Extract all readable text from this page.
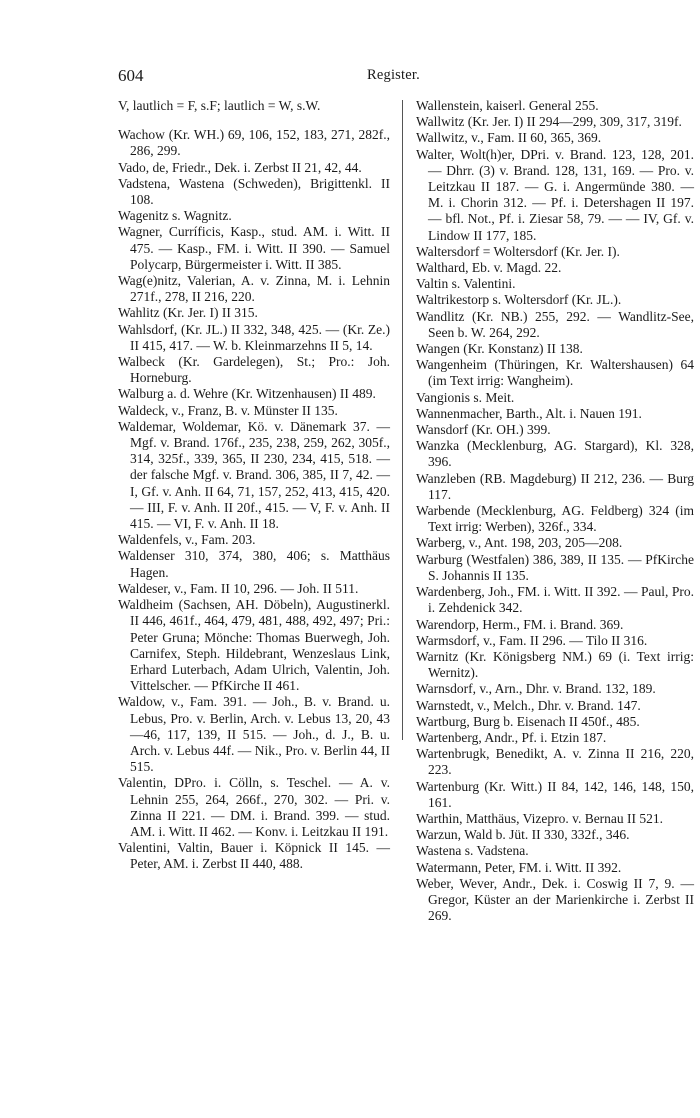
604	Register.

V, lautlich = F, s.F; lautlich = W, s.W.

Wachow (Kr. WH.) 69, 106, 152, 183, 271, 282f., 286, 299.

Vado, de, Friedr., Dek. i. Zerbst II 21, 42, 44.

Vadstena, Wastena (Schweden), Brigittenkl. II 108.

Wagenitz s. Wagnitz.

Wagner, Curríficis, Kasp., stud. AM. i. Witt. II 475. — Kasp., FM. i. Witt. II 390. — Samuel Polycarp, Bürgermeister i. Witt. II 385.

Wag(e)nitz, Valerian, A. v. Zinna, M. i. Lehnin 271f., 278, II 216, 220.

Wahlitz (Kr. Jer. I) II 315.

Wahlsdorf, (Kr. JL.) II 332, 348, 425. — (Kr. Ze.) II 415, 417. — W. b. Kleinmarzehns II 5, 14.

Walbeck (Kr. Gardelegen), St.; Pro.: Joh. Horneburg.

Walburg a. d. Wehre (Kr. Witzenhausen) II 489.

Waldeck, v., Franz, B. v. Münster II 135.

Waldemar, Woldemar, Kö. v. Dänemark 37. — Mgf. v. Brand. 176f., 235, 238, 259, 262, 305f., 314, 325f., 339, 365, II 230, 234, 415, 518. — der falsche Mgf. v. Brand. 306, 385, II 7, 42. — I, Gf. v. Anh. II 64, 71, 157, 252, 413, 415, 420. — III, F. v. Anh. II 20f., 415. — V, F. v. Anh. II 415. — VI, F. v. Anh. II 18.

Waldenfels, v., Fam. 203.

Waldenser 310, 374, 380, 406; s. Matthäus Hagen.

Waldeser, v., Fam. II 10, 296. — Joh. II 511.

Waldheim (Sachsen, AH. Döbeln), Augustinerkl. II 446, 461f., 464, 479, 481, 488, 492, 497; Pri.: Peter Gruna; Mönche: Thomas Buerwegh, Joh. Carnifex, Steph. Hildebrant, Wenzeslaus Link, Erhard Luterbach, Adam Ulrich, Valentin, Joh. Vittelscher. — PfKirche II 461.

Waldow, v., Fam. 391. — Joh., B. v. Brand. u. Lebus, Pro. v. Berlin, Arch. v. Lebus 13, 20, 43—46, 117, 139, II 515. — Joh., d. J., B. u. Arch. v. Lebus 44f. — Nik., Pro. v. Berlin 44, II 515.

Valentin, DPro. i. Cölln, s. Teschel. — A. v. Lehnin 255, 264, 266f., 270, 302. — Pri. v. Zinna II 221. — DM. i. Brand. 399. — stud. AM. i. Witt. II 462. — Konv. i. Leitzkau II 191.

Valentini, Valtin, Bauer i. Köpnick II 145. — Peter, AM. i. Zerbst II 440, 488.

Wallenstein, kaiserl. General 255.

Wallwitz (Kr. Jer. I) II 294—299, 309, 317, 319f.

Wallwitz, v., Fam. II 60, 365, 369.

Walter, Wolt(h)er, DPri. v. Brand. 123, 128, 201. — Dhrr. (3) v. Brand. 128, 131, 169. — Pro. v. Leitzkau II 187. — G. i. Angermünde 380. — M. i. Chorin 312. — Pf. i. Detershagen II 197. — bfl. Not., Pf. i. Ziesar 58, 79. — — IV, Gf. v. Lindow II 177, 185.

Waltersdorf = Woltersdorf (Kr. Jer. I).

Walthard, Eb. v. Magd. 22.

Valtin s. Valentini.

Waltrikestorp s. Woltersdorf (Kr. JL.).

Wandlitz (Kr. NB.) 255, 292. — Wandlitz-See, Seen b. W. 264, 292.

Wangen (Kr. Konstanz) II 138.

Wangenheim (Thüringen, Kr. Waltershausen) 64 (im Text irrig: Wangheim).

Vangionis s. Meit.

Wannenmacher, Barth., Alt. i. Nauen 191.

Wansdorf (Kr. OH.) 399.

Wanzka (Mecklenburg, AG. Stargard), Kl. 328, 396.

Wanzleben (RB. Magdeburg) II 212, 236. — Burg 117.

Warbende (Mecklenburg, AG. Feldberg) 324 (im Text irrig: Werben), 326f., 334.

Warberg, v., Ant. 198, 203, 205—208.

Warburg (Westfalen) 386, 389, II 135. — PfKirche S. Johannis II 135.

Wardenberg, Joh., FM. i. Witt. II 392. — Paul, Pro. i. Zehdenick 342.

Warendorp, Herm., FM. i. Brand. 369.

Warmsdorf, v., Fam. II 296. — Tilo II 316.

Warnitz (Kr. Königsberg NM.) 69 (i. Text irrig: Wernitz).

Warnsdorf, v., Arn., Dhr. v. Brand. 132, 189.

Warnstedt, v., Melch., Dhr. v. Brand. 147.

Wartburg, Burg b. Eisenach II 450f., 485.

Wartenberg, Andr., Pf. i. Etzin 187.

Wartenbrugk, Benedikt, A. v. Zinna II 216, 220, 223.

Wartenburg (Kr. Witt.) II 84, 142, 146, 148, 150, 161.

Warthin, Matthäus, Vizepro. v. Bernau II 521.

Warzun, Wald b. Jüt. II 330, 332f., 346.

Wastena s. Vadstena.

Watermann, Peter, FM. i. Witt. II 392.

Weber, Wever, Andr., Dek. i. Coswig II 7, 9. — Gregor, Küster an der Marienkirche i. Zerbst II 269.
